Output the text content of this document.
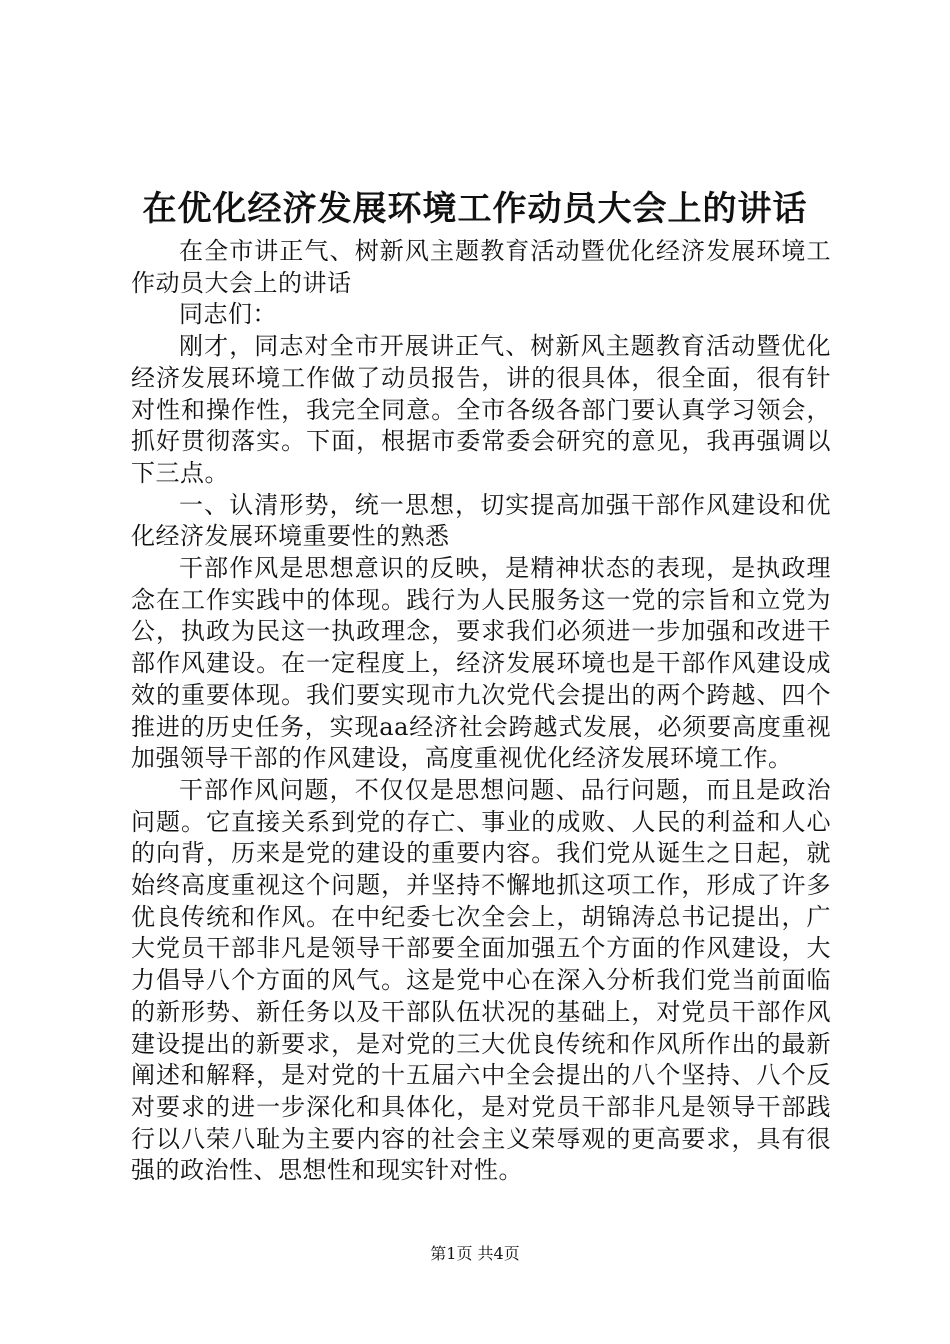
在优化经济发展环境工作动员大会上的讲话

在全市讲正气、树新风主题教育活动暨优化经济发展环境工作动员大会上的讲话

同志们：

刚才，同志对全市开展讲正气、树新风主题教育活动暨优化经济发展环境工作做了动员报告，讲的很具体，很全面，很有针对性和操作性，我完全同意。全市各级各部门要认真学习领会，抓好贯彻落实。下面，根据市委常委会研究的意见，我再强调以下三点。

一、认清形势，统一思想，切实提高加强干部作风建设和优化经济发展环境重要性的熟悉

干部作风是思想意识的反映，是精神状态的表现，是执政理念在工作实践中的体现。践行为人民服务这一党的宗旨和立党为公，执政为民这一执政理念，要求我们必须进一步加强和改进干部作风建设。在一定程度上，经济发展环境也是干部作风建设成效的重要体现。我们要实现市九次党代会提出的两个跨越、四个推进的历史任务，实现aa经济社会跨越式发展，必须要高度重视加强领导干部的作风建设，高度重视优化经济发展环境工作。

干部作风问题，不仅仅是思想问题、品行问题，而且是政治问题。它直接关系到党的存亡、事业的成败、人民的利益和人心的向背，历来是党的建设的重要内容。我们党从诞生之日起，就始终高度重视这个问题，并坚持不懈地抓这项工作，形成了许多优良传统和作风。在中纪委七次全会上，胡锦涛总书记提出，广大党员干部非凡是领导干部要全面加强五个方面的作风建设，大力倡导八个方面的风气。这是党中心在深入分析我们党当前面临的新形势、新任务以及干部队伍状况的基础上，对党员干部作风建设提出的新要求，是对党的三大优良传统和作风所作出的最新阐述和解释，是对党的十五届六中全会提出的八个坚持、八个反对要求的进一步深化和具体化，是对党员干部非凡是领导干部践行以八荣八耻为主要内容的社会主义荣辱观的更高要求，具有很强的政治性、思想性和现实针对性。

第1页 共4页
